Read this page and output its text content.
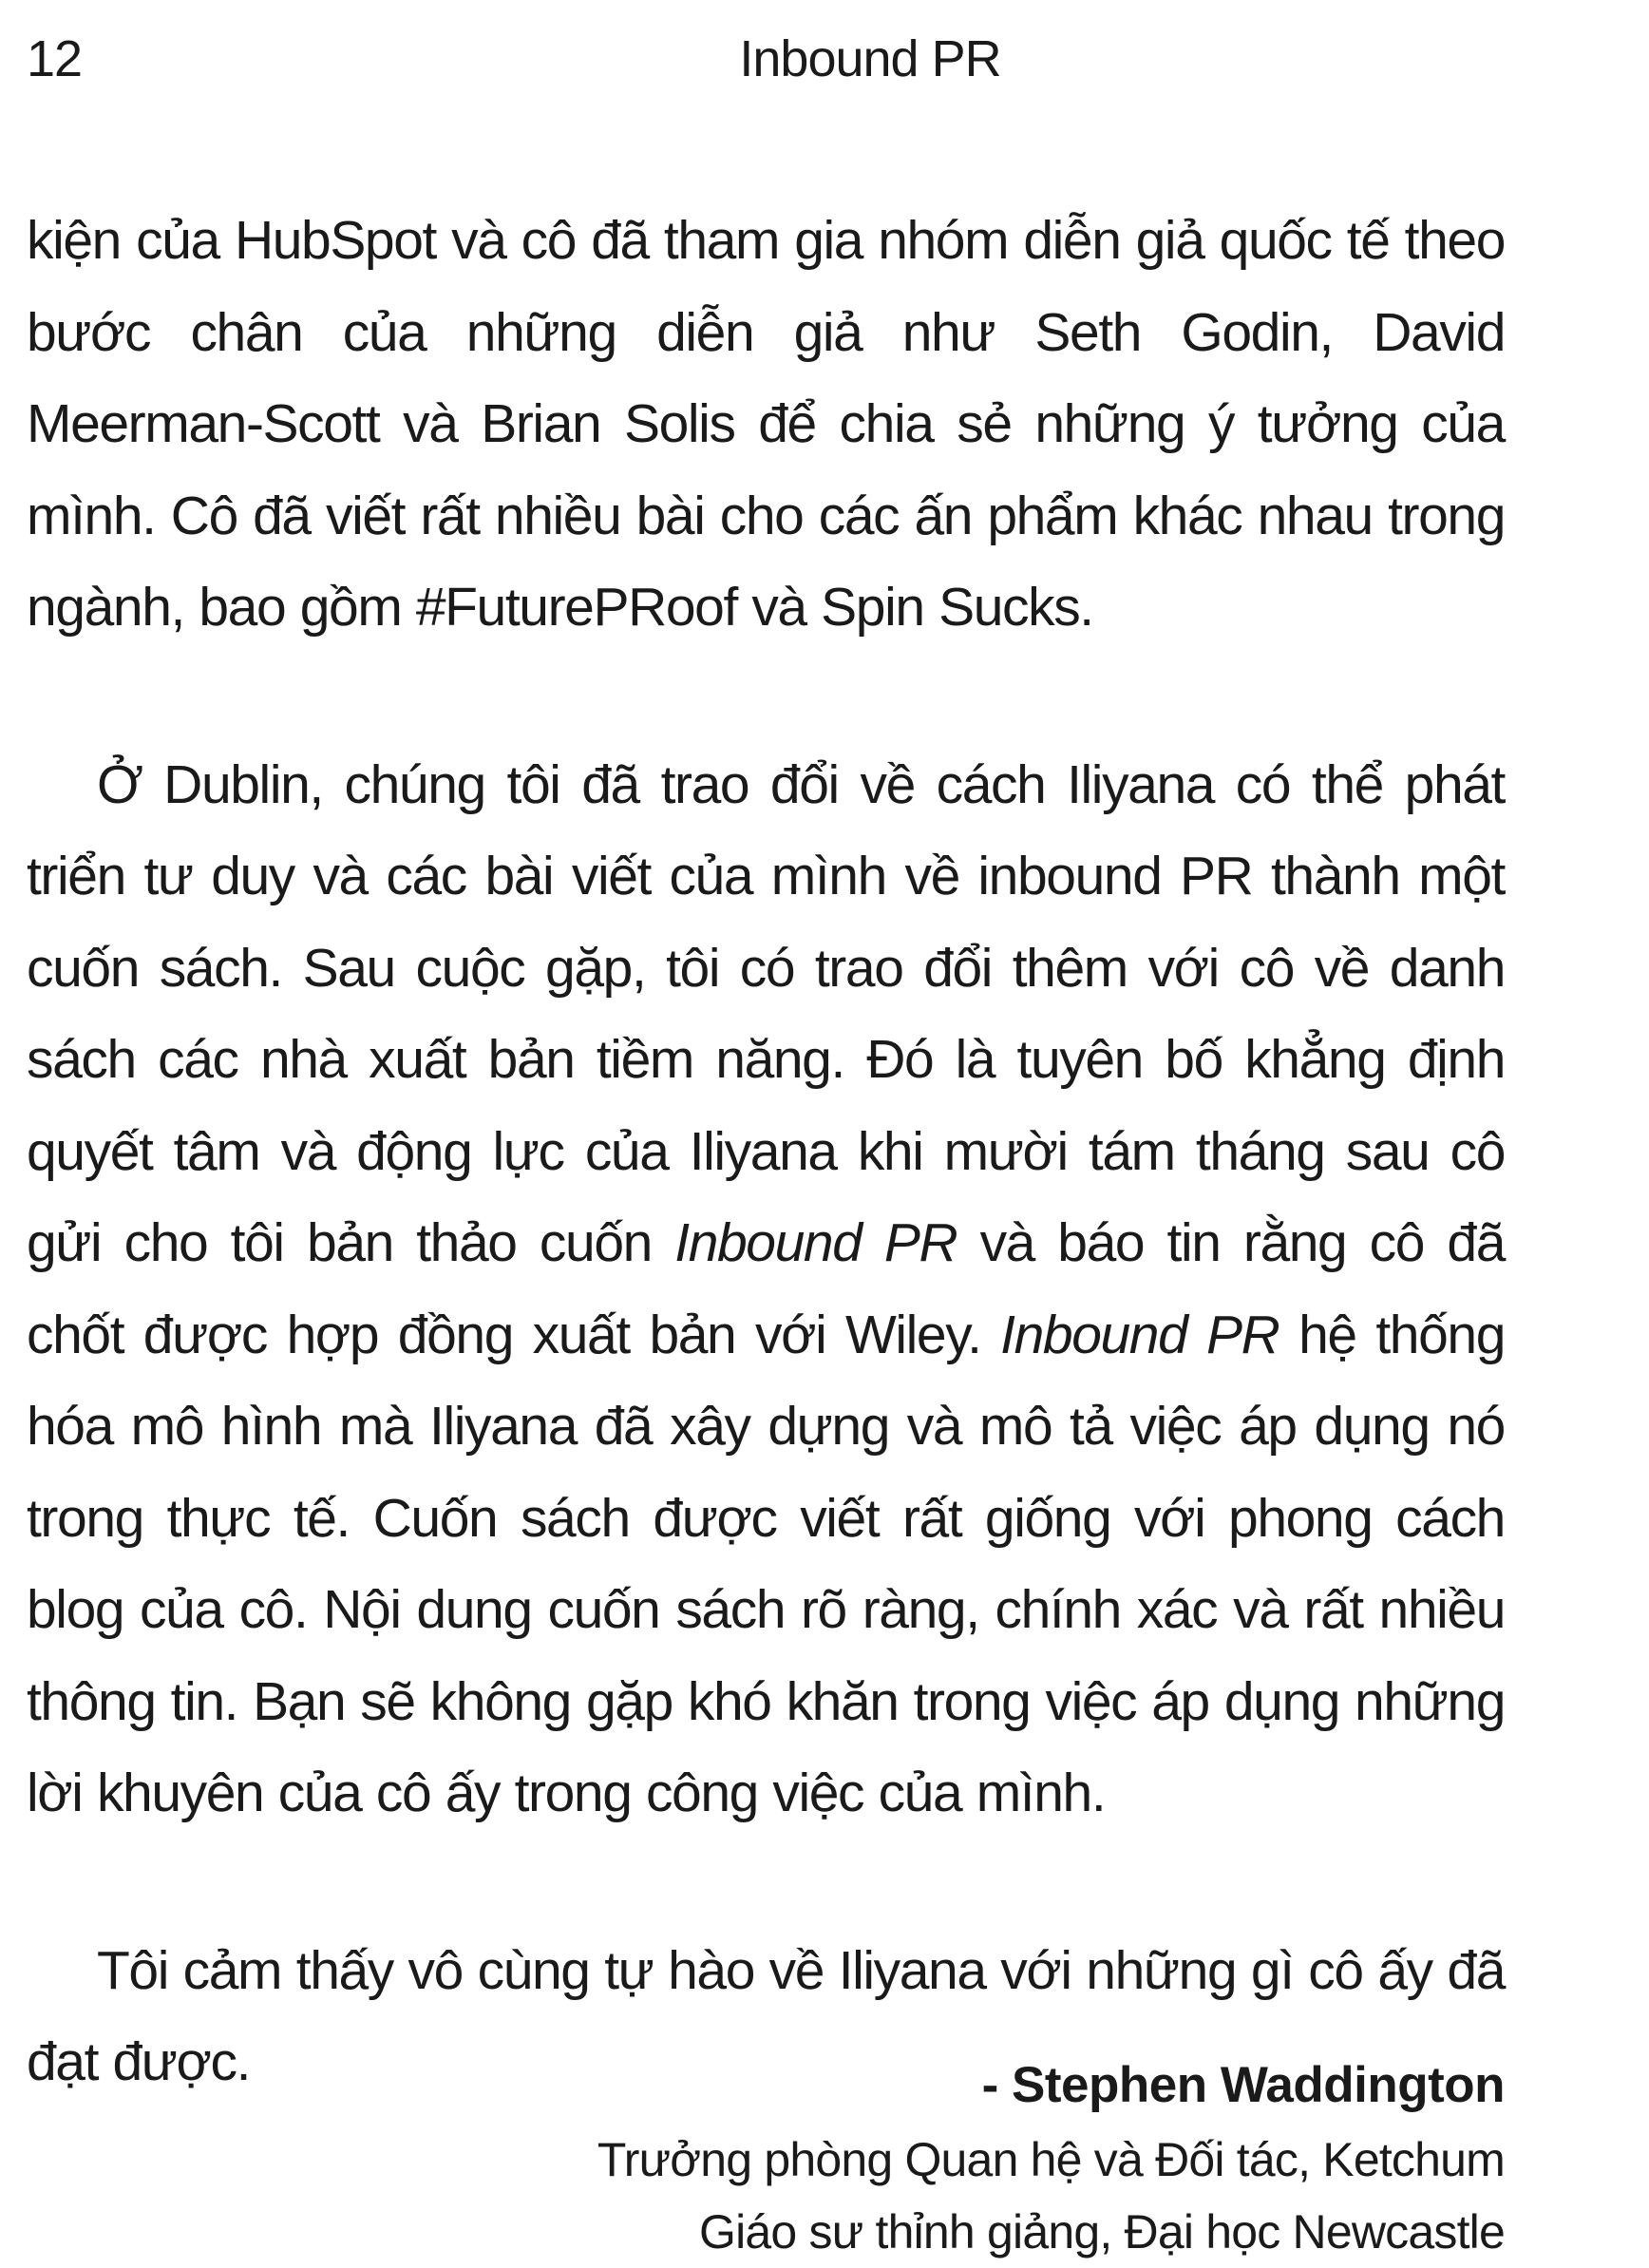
12	Inbound PR

kiện của HubSpot và cô đã tham gia nhóm diễn giả quốc tế theo bước chân của những diễn giả như Seth Godin, David Meerman-Scott và Brian Solis để chia sẻ những ý tưởng của mình. Cô đã viết rất nhiều bài cho các ấn phẩm khác nhau trong ngành, bao gồm #FuturePRoof và Spin Sucks.

Ở Dublin, chúng tôi đã trao đổi về cách Iliyana có thể phát triển tư duy và các bài viết của mình về inbound PR thành một cuốn sách. Sau cuộc gặp, tôi có trao đổi thêm với cô về danh sách các nhà xuất bản tiềm năng. Đó là tuyên bố khẳng định quyết tâm và động lực của Iliyana khi mười tám tháng sau cô gửi cho tôi bản thảo cuốn Inbound PR và báo tin rằng cô đã chốt được hợp đồng xuất bản với Wiley. Inbound PR hệ thống hóa mô hình mà Iliyana đã xây dựng và mô tả việc áp dụng nó trong thực tế. Cuốn sách được viết rất giống với phong cách blog của cô. Nội dung cuốn sách rõ ràng, chính xác và rất nhiều thông tin. Bạn sẽ không gặp khó khăn trong việc áp dụng những lời khuyên của cô ấy trong công việc của mình.

Tôi cảm thấy vô cùng tự hào về Iliyana với những gì cô ấy đã đạt được.	- Stephen Waddington
Trưởng phòng Quan hệ và Đối tác, Ketchum
Giáo sư thỉnh giảng, Đại học Newcastle
